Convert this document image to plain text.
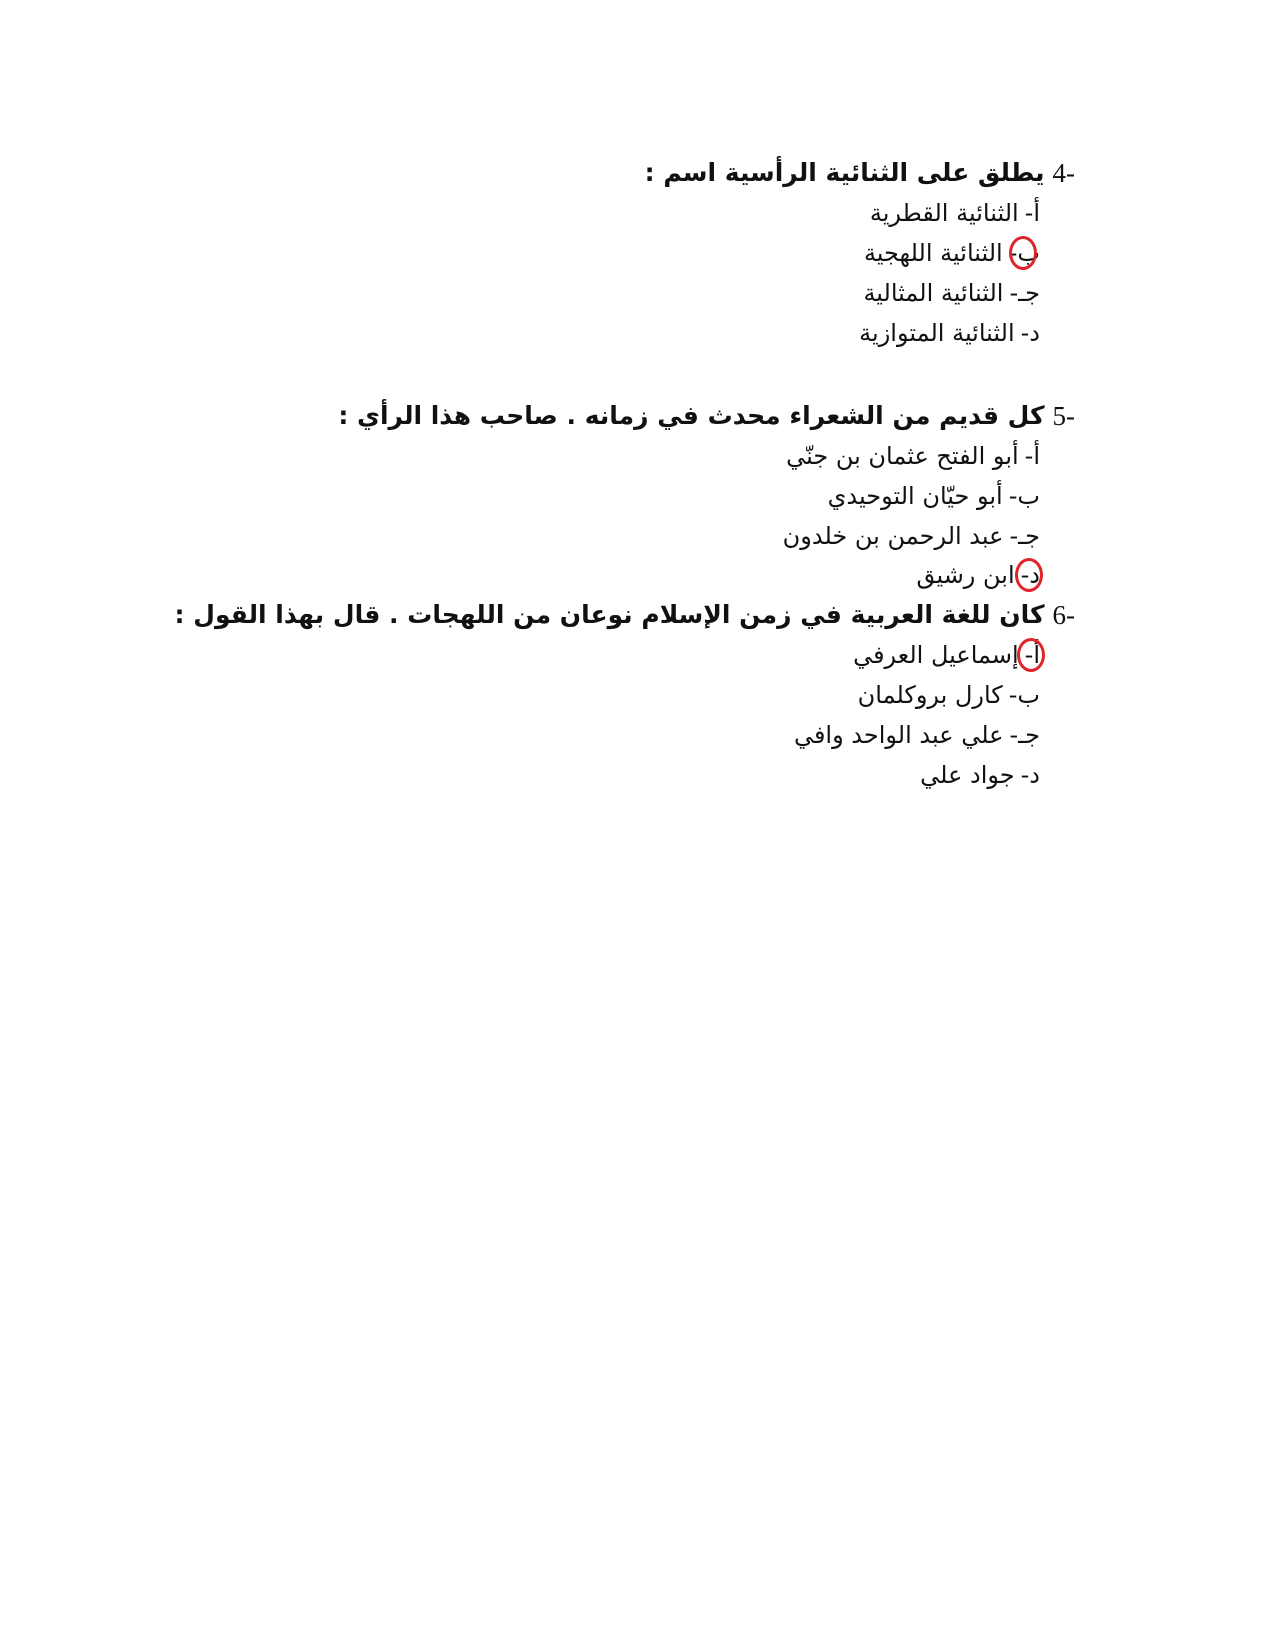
4-
يطلق على الثنائية الرأسية اسم :
أ-
الثنائية القطرية
ب-
الثنائية اللهجية
جـ-
الثنائية المثالية
د-
الثنائية المتوازية
5-
كل قديم من الشعراء محدث في زمانه . صاحب هذا الرأي :
أ-
أبو الفتح عثمان بن جنّي
ب-
أبو حيّان التوحيدي
جـ-
عبد الرحمن بن خلدون
د-
ابن رشيق
6-
كان للغة العربية في زمن الإسلام نوعان من اللهجات . قال بهذا القول :
أ-
إسماعيل العرفي
ب-
كارل بروكلمان
جـ-
علي عبد الواحد وافي
د-
جواد علي
